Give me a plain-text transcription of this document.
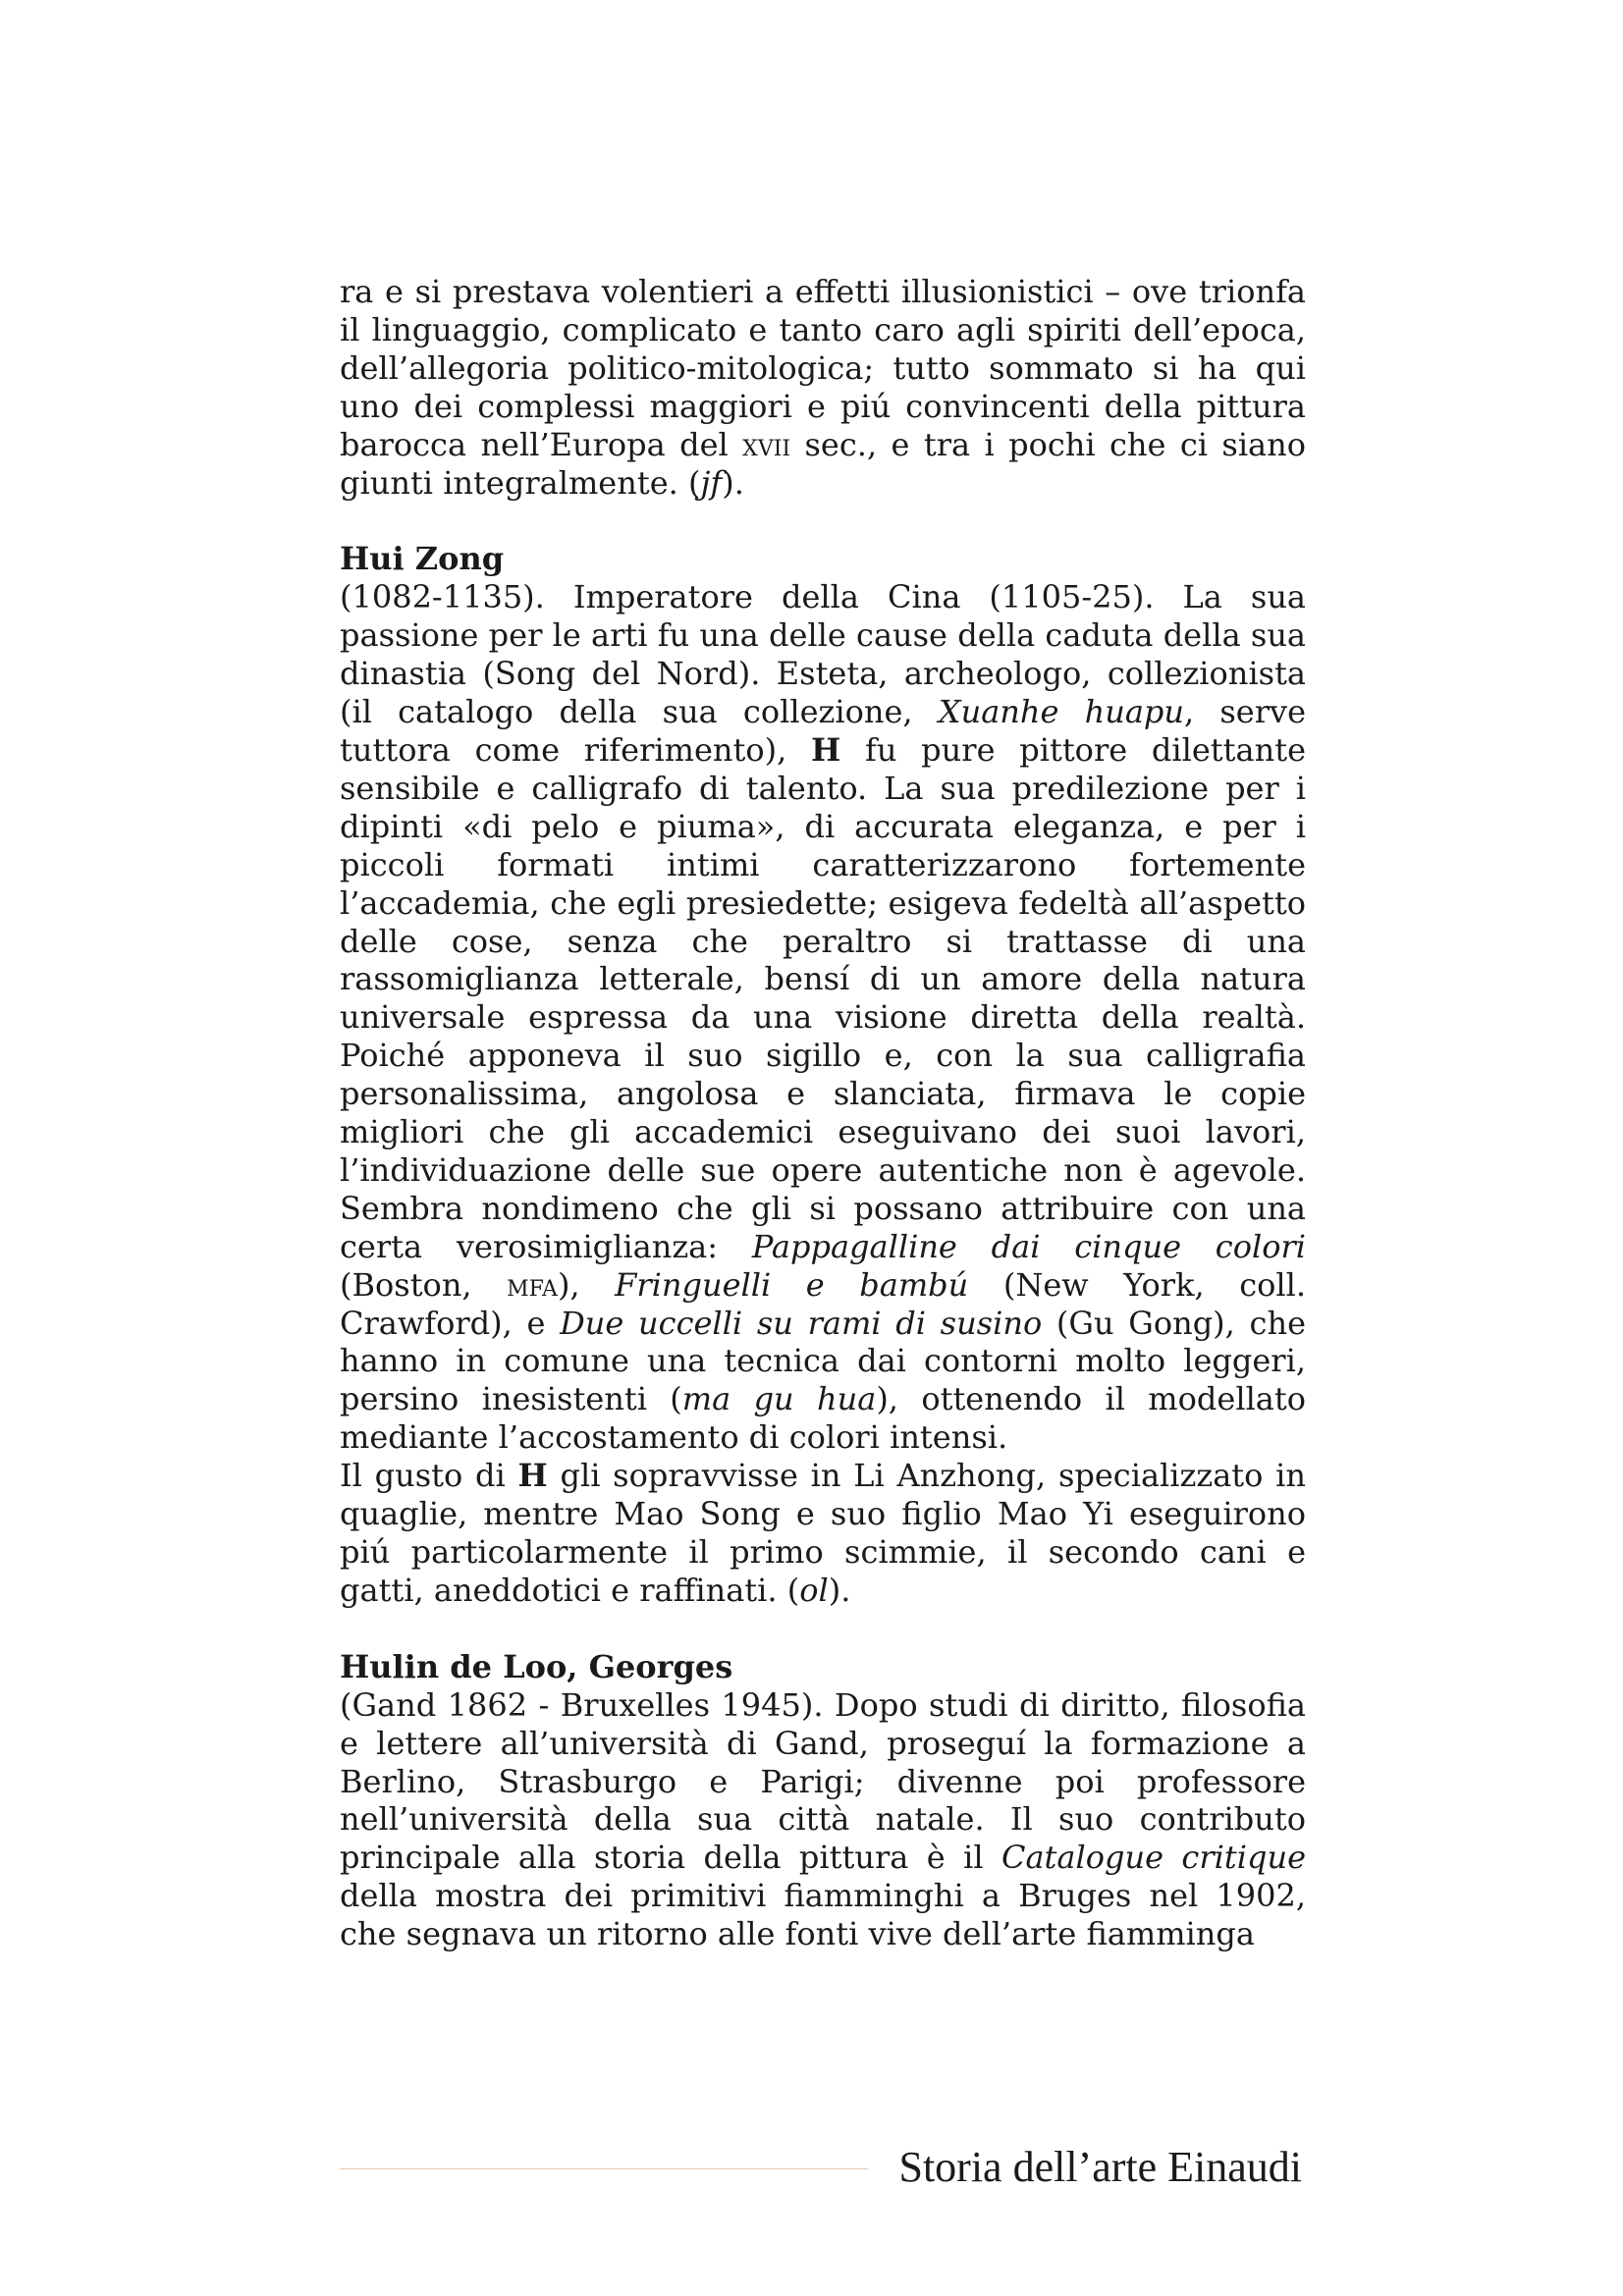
ra e si prestava volentieri a effetti illusionistici – ove trionfa il linguaggio, complicato e tanto caro agli spiriti dell’epoca, dell’allegoria politico-mitologica; tutto sommato si ha qui uno dei complessi maggiori e piú convincenti della pittura barocca nell’Europa del xvii sec., e tra i pochi che ci siano giunti integralmente. (jf).

Hui Zong

(1082-1135). Imperatore della Cina (1105-25). La sua passione per le arti fu una delle cause della caduta della sua dinastia (Song del Nord). Esteta, archeologo, collezionista (il catalogo della sua collezione, Xuanhe huapu, serve tuttora come riferimento), H fu pure pittore dilettante sensibile e calligrafo di talento. La sua predilezione per i dipinti «di pelo e piuma», di accurata eleganza, e per i piccoli formati intimi caratterizzarono fortemente l’accademia, che egli presiedette; esigeva fedeltà all’aspetto delle cose, senza che peraltro si trattasse di una rassomiglianza letterale, bensí di un amore della natura universale espressa da una visione diretta della realtà. Poiché apponeva il suo sigillo e, con la sua calligrafia personalissima, angolosa e slanciata, firmava le copie migliori che gli accademici eseguivano dei suoi lavori, l’individuazione delle sue opere autentiche non è agevole. Sembra nondimeno che gli si possano attribuire con una certa verosimiglianza: Pappagalline dai cinque colori (Boston, mfa), Fringuelli e bambú (New York, coll. Crawford), e Due uccelli su rami di susino (Gu Gong), che hanno in comune una tecnica dai contorni molto leggeri, persino inesistenti (ma gu hua), ottenendo il modellato mediante l’accostamento di colori intensi.

Il gusto di H gli sopravvisse in Li Anzhong, specializzato in quaglie, mentre Mao Song e suo figlio Mao Yi eseguirono piú particolarmente il primo scimmie, il secondo cani e gatti, aneddotici e raffinati. (ol).

Hulin de Loo, Georges

(Gand 1862 - Bruxelles 1945). Dopo studi di diritto, filosofia e lettere all’università di Gand, proseguí la formazione a Berlino, Strasburgo e Parigi; divenne poi professore nell’università della sua città natale. Il suo contributo principale alla storia della pittura è il Catalogue critique della mostra dei primitivi fiamminghi a Bruges nel 1902, che segnava un ritorno alle fonti vive dell’arte fiamminga

Storia dell’arte Einaudi
